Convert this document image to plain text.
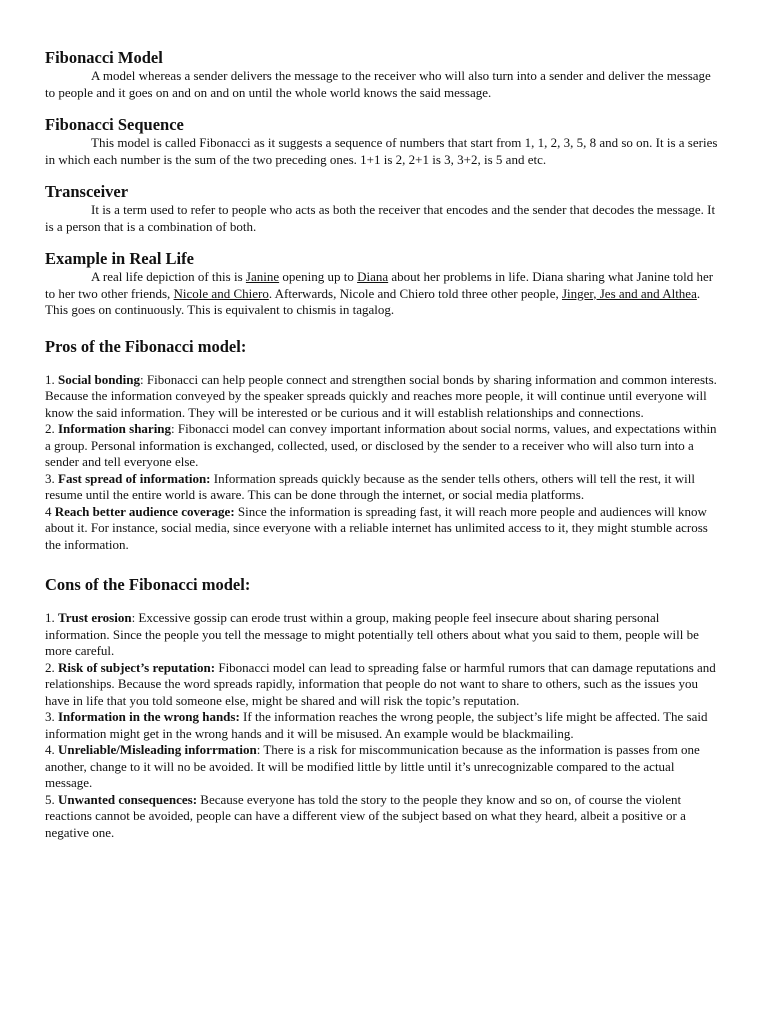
Fibonacci Model

A model whereas a sender delivers the message to the receiver who will also turn into a sender and deliver the message to people and it goes on and on and on until the whole world knows the said message.

Fibonacci Sequence

This model is called Fibonacci as it suggests a sequence of numbers that start from 1, 1, 2, 3, 5, 8 and so on. It is a series in which each number is the sum of the two preceding ones. 1+1 is 2, 2+1 is 3, 3+2, is 5 and etc.

Transceiver

It is a term used to refer to people who acts as both the receiver that encodes and the sender that decodes the message. It is a person that is a combination of both.

Example in Real Life

A real life depiction of this is Janine opening up to Diana about her problems in life. Diana sharing what Janine told her to her two other friends, Nicole and Chiero. Afterwards, Nicole and Chiero told three other people, Jinger, Jes and and Althea. This goes on continuously. This is equivalent to chismis in tagalog.

Pros of the Fibonacci model:

1. Social bonding: Fibonacci can help people connect and strengthen social bonds by sharing information and common interests. Because the information conveyed by the speaker spreads quickly and reaches more people, it will continue until everyone will know the said information. They will be interested or be curious and it will establish relationships and connections.

2. Information sharing: Fibonacci model can convey important information about social norms, values, and expectations within a group. Personal information is exchanged, collected, used, or disclosed by the sender to a receiver who will also turn into a sender and tell everyone else.

3. Fast spread of information: Information spreads quickly because as the sender tells others, others will tell the rest, it will resume until the entire world is aware. This can be done through the internet, or social media platforms.

4 Reach better audience coverage: Since the information is spreading fast, it will reach more people and audiences will know about it. For instance, social media, since everyone with a reliable internet has unlimited access to it, they might stumble across the information.

Cons of the Fibonacci model:

1. Trust erosion: Excessive gossip can erode trust within a group, making people feel insecure about sharing personal information. Since the people you tell the message to might potentially tell others about what you said to them, people will be more careful.

2. Risk of subject’s reputation: Fibonacci model can lead to spreading false or harmful rumors that can damage reputations and relationships. Because the word spreads rapidly, information that people do not want to share to others, such as the issues you have in life that you told someone else, might be shared and will risk the topic’s reputation.

3. Information in the wrong hands: If the information reaches the wrong people, the subject’s life might be affected. The said information might get in the wrong hands and it will be misused. An example would be blackmailing.

4. Unreliable/Misleading inforrmation: There is a risk for miscommunication because as the information is passes from one another, change to it will no be avoided. It will be modified little by little until it’s unrecognizable compared to the actual message.

5. Unwanted consequences: Because everyone has told the story to the people they know and so on, of course the violent reactions cannot be avoided, people can have a different view of the subject based on what they heard, albeit a positive or a negative one.
